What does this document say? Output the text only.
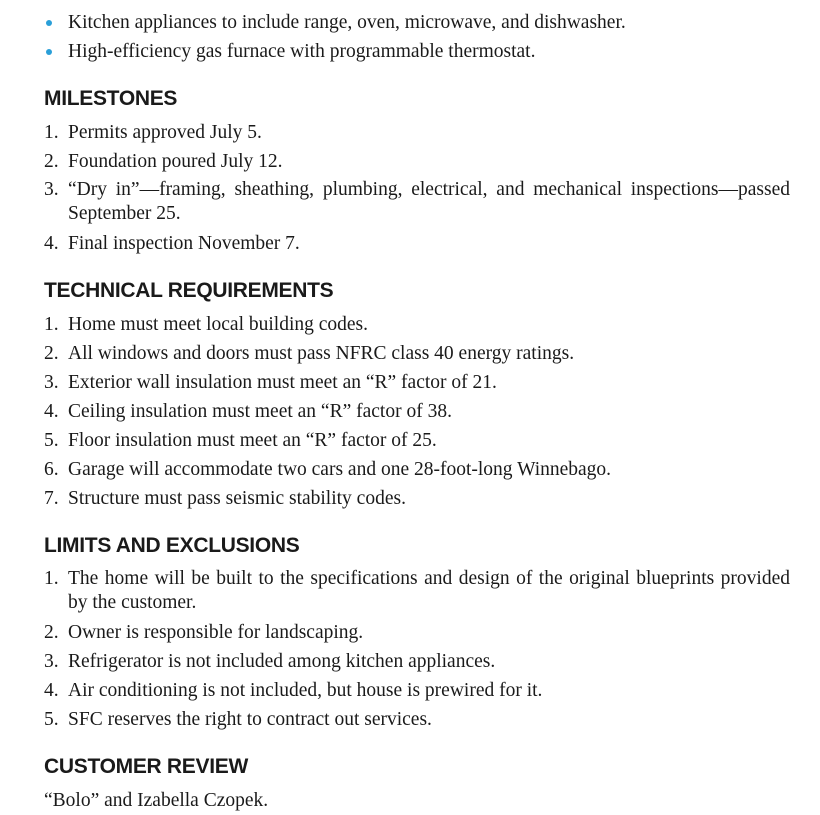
Kitchen appliances to include range, oven, microwave, and dishwasher.
High-efficiency gas furnace with programmable thermostat.
MILESTONES
1. Permits approved July 5.
2. Foundation poured July 12.
3. “Dry in”—framing, sheathing, plumbing, electrical, and mechanical inspections—passed September 25.
4. Final inspection November 7.
TECHNICAL REQUIREMENTS
1. Home must meet local building codes.
2. All windows and doors must pass NFRC class 40 energy ratings.
3. Exterior wall insulation must meet an “R” factor of 21.
4. Ceiling insulation must meet an “R” factor of 38.
5. Floor insulation must meet an “R” factor of 25.
6. Garage will accommodate two cars and one 28-foot-long Winnebago.
7. Structure must pass seismic stability codes.
LIMITS AND EXCLUSIONS
1. The home will be built to the specifications and design of the original blueprints provided by the customer.
2. Owner is responsible for landscaping.
3. Refrigerator is not included among kitchen appliances.
4. Air conditioning is not included, but house is prewired for it.
5. SFC reserves the right to contract out services.
CUSTOMER REVIEW

“Bolo” and Izabella Czopek.
